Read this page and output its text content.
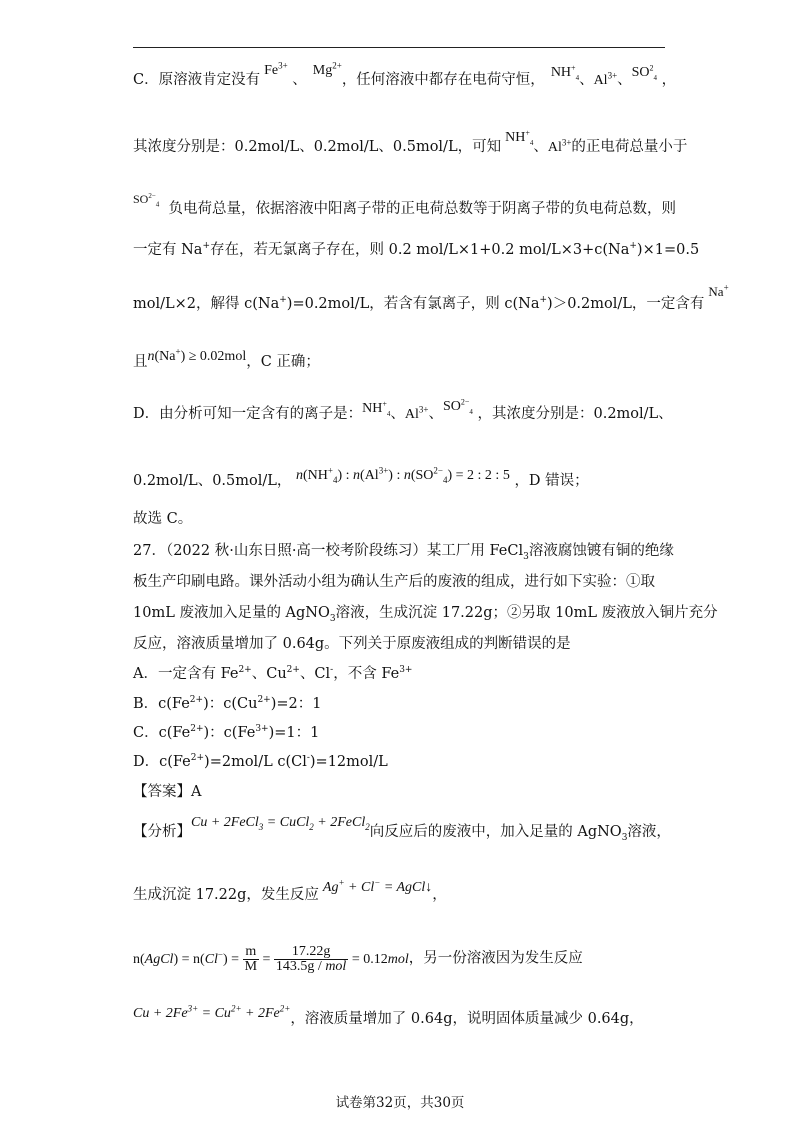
C．原溶液肯定没有$Fe^{3+}$ 、$Mg^{2+}$，任何溶液中都存在电荷守恒， $NH^+_4$、$Al^{3+}$、$SO^2_4$ ，
其浓度分别是：0.2mol/L、0.2mol/L、0.5mol/L，可知$NH^+_4$、$Al^{3+}$的正电荷总量小于
$^{SO^{2-}_4}$ 负电荷总量，依据溶液中阳离子带的正电荷总数等于阴离子带的负电荷总数，则
一定有 Na+存在，若无氯离子存在，则 0.2 mol/L×1+0.2 mol/L×3+c(Na+)×1=0.5
mol/L×2，解得 c(Na+)=0.2mol/L，若含有氯离子，则 c(Na+)＞0.2mol/L，一定含有Na+
且n(Na+) ≥ 0.02mol，C 正确；
D．由分析可知一定含有的离子是：$NH^+_4$、$Al^{3+}$、$SO^{2-}_4$ ，其浓度分别是：0.2mol/L、
0.2mol/L、0.5mol/L， $n(NH^+_4)$ : $n(Al^{3+})$ : $n(SO^{2-}_4) = 2$ : 2 : 5 ，D 错误；
故选 C。
27．（2022 秋·山东日照·高一校考阶段练习）某工厂用 FeCl$_3$溶液腐蚀镀有铜的绝缘
板生产印刷电路。课外活动小组为确认生产后的废液的组成，进行如下实验：①取
10mL 废液加入足量的 AgNO$_3$溶液，生成沉淀 17.22g；②另取 10mL 废液放入铜片充分
反应，溶液质量增加了 0.64g。下列关于原废液组成的判断错误的是
A．一定含有 $Fe^{2+}$、$Cu^{2+}$、Cl-，不含 $Fe^{3+}$
B．$c(Fe^{2+})$：$c(Cu^{2+})=2$：1
C．$c(Fe^{2+})$：$c(Fe^{3+})=1$：1
D．$c(Fe^{2+})=2mol/L$ c(Cl-)=12mol/L
【答案】A
【分析】Cu + 2FeCl$_3$ = CuCl$_2$ + 2FeCl$_2$向反应后的废液中，加入足量的 AgNO$_3$溶液，
生成沉淀 17.22g，发生反应 Ag+ + Cl− = AgCl↓，
n(AgCl) = $n(Cl^-) = \frac{m}{M} = \frac{17.22g}{\text{143.5g / mol}} = 0.12mol$，另一份溶液因为发生反应
$Cu + 2Fe^{3+} = Cu^{2+} + 2Fe^{2+}$，溶液质量增加了 0.64g，说明固体质量减少 0.64g，
试卷第32页，共30页
